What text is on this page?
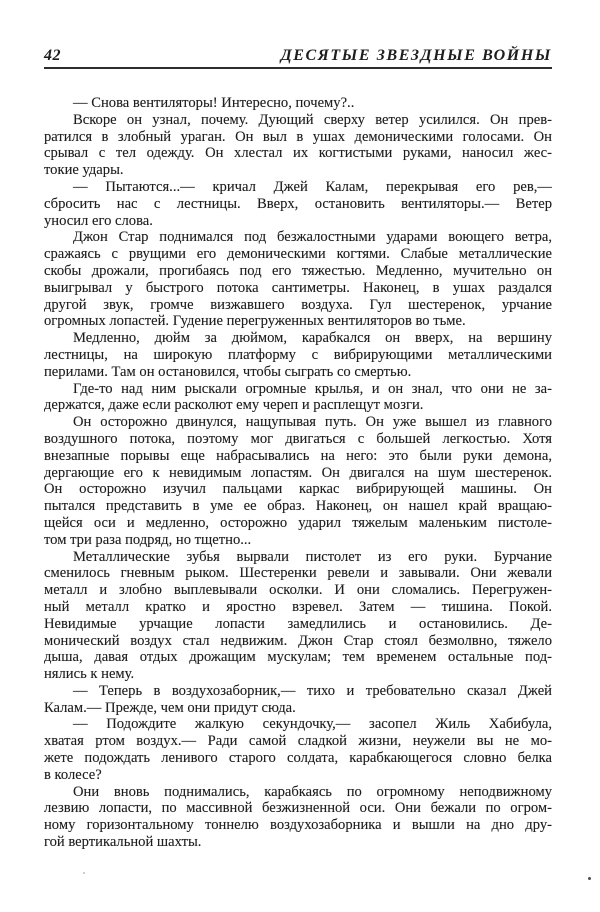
42	ДЕСЯТЫЕ ЗВЕЗДНЫЕ ВОЙНЫ
— Снова вентиляторы! Интересно, почему?..
Вскоре он узнал, почему. Дующий сверху ветер усилился. Он прев-
ратился в злобный ураган. Он выл в ушах демоническими голосами. Он
срывал с тел одежду. Он хлестал их когтистыми руками, наносил жес-
токие удары.
— Пытаются...— кричал Джей Калам, перекрывая его рев,—
сбросить нас с лестницы. Вверх, остановить вентиляторы.— Ветер
уносил его слова.
Джон Стар поднимался под безжалостными ударами воющего ветра,
сражаясь с рвущими его демоническими когтями. Слабые металлические
скобы дрожали, прогибаясь под его тяжестью. Медленно, мучительно он
выигрывал у быстрого потока сантиметры. Наконец, в ушах раздался
другой звук, громче визжавшего воздуха. Гул шестеренок, урчание
огромных лопастей. Гудение перегруженных вентиляторов во тьме.
Медленно, дюйм за дюймом, карабкался он вверх, на вершину
лестницы, на широкую платформу с вибрирующими металлическими
перилами. Там он остановился, чтобы сыграть со смертью.
Где-то над ним рыскали огромные крылья, и он знал, что они не за-
держатся, даже если расколют ему череп и расплещут мозги.
Он осторожно двинулся, нащупывая путь. Он уже вышел из главного
воздушного потока, поэтому мог двигаться с большей легкостью. Хотя
внезапные порывы еще набрасывались на него: это были руки демона,
дергающие его к невидимым лопастям. Он двигался на шум шестеренок.
Он осторожно изучил пальцами каркас вибрирующей машины. Он
пытался представить в уме ее образ. Наконец, он нашел край вращаю-
щейся оси и медленно, осторожно ударил тяжелым маленьким пистоле-
том три раза подряд, но тщетно...
Металлические зубья вырвали пистолет из его руки. Бурчание
сменилось гневным рыком. Шестеренки ревели и завывали. Они жевали
металл и злобно выплевывали осколки. И они сломались. Перегружен-
ный металл кратко и яростно взревел. Затем — тишина. Покой.
Невидимые урчащие лопасти замедлились и остановились. Де-
монический воздух стал недвижим. Джон Стар стоял безмолвно, тяжело
дыша, давая отдых дрожащим мускулам; тем временем остальные под-
нялись к нему.
— Теперь в воздухозаборник,— тихо и требовательно сказал Джей
Калам.— Прежде, чем они придут сюда.
— Подождите жалкую секундочку,— засопел Жиль Хабибула,
хватая ртом воздух.— Ради самой сладкой жизни, неужели вы не мо-
жете подождать ленивого старого солдата, карабкающегося словно белка
в колесе?
Они вновь поднимались, карабкаясь по огромному неподвижному
лезвию лопасти, по массивной безжизненной оси. Они бежали по огром-
ному горизонтальному тоннелю воздухозаборника и вышли на дно дру-
гой вертикальной шахты.
